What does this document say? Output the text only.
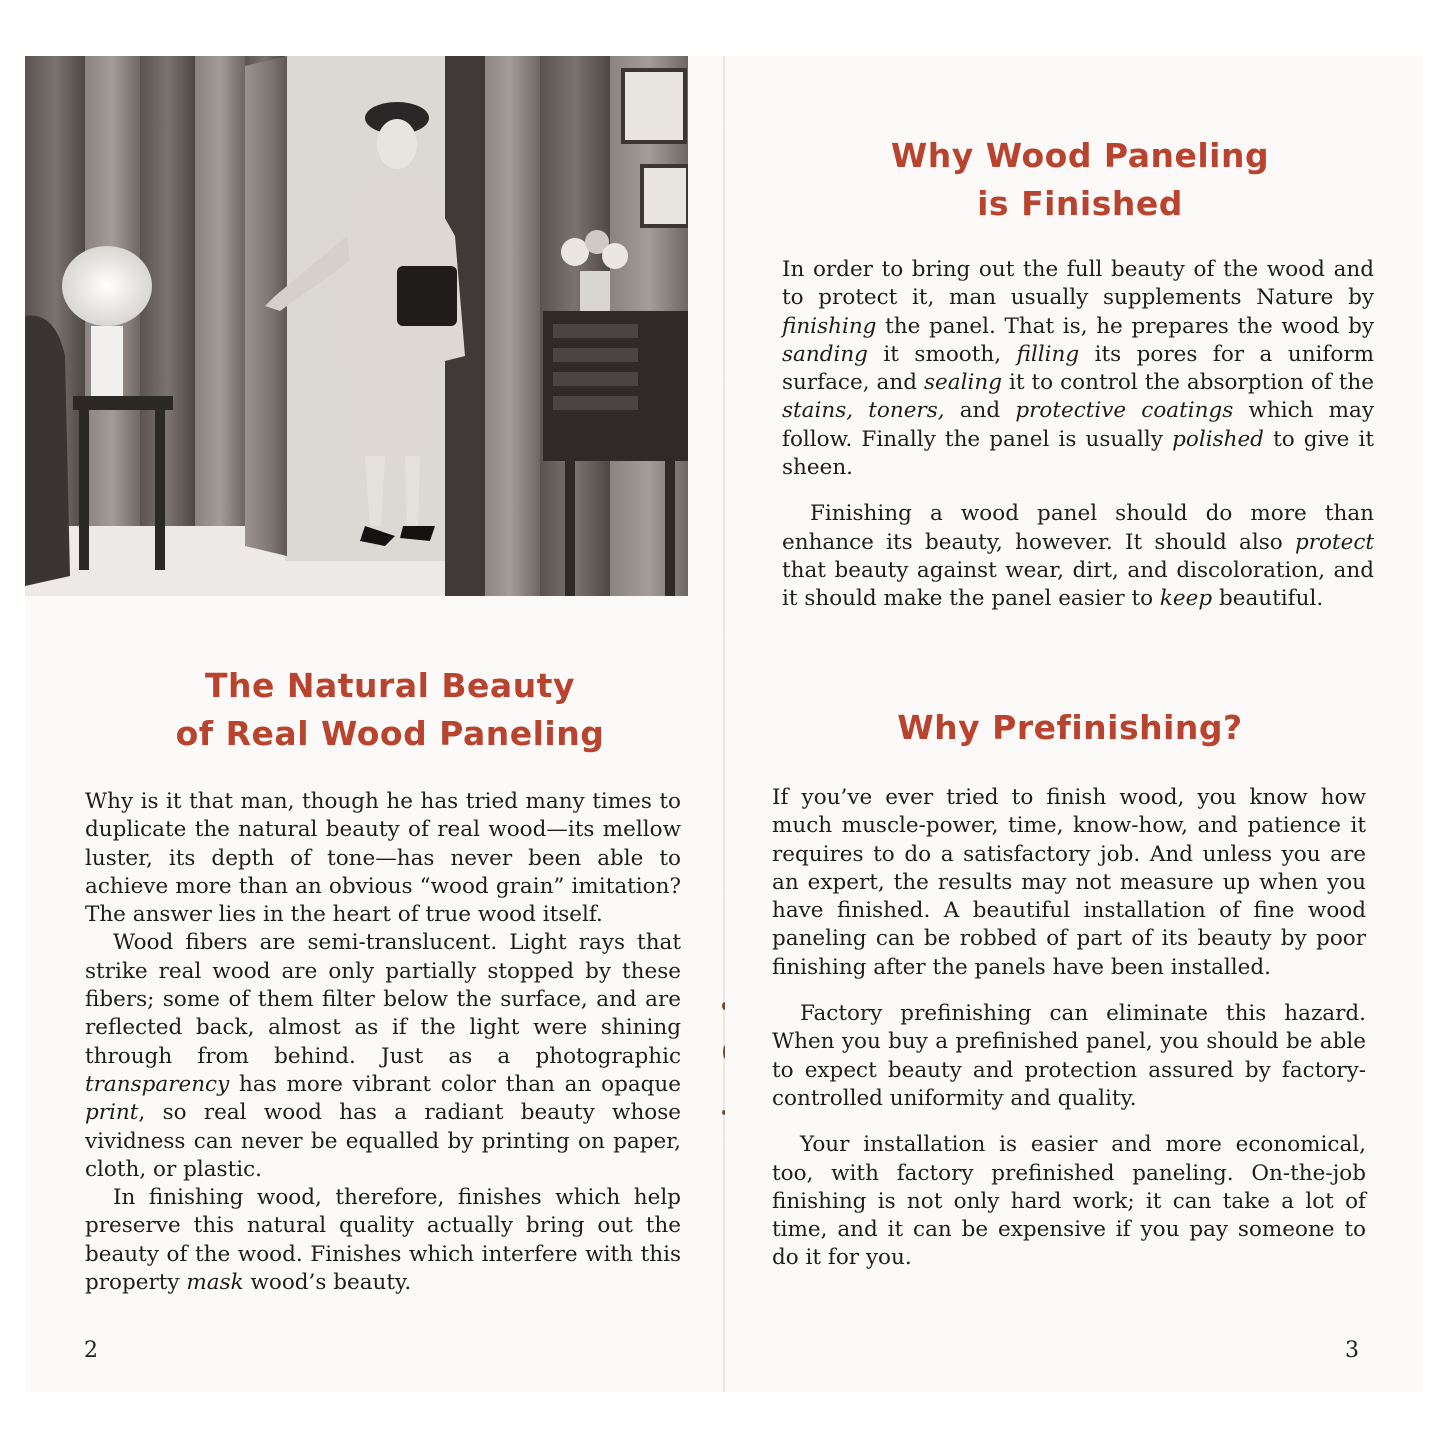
The Natural Beauty
of Real Wood Paneling

Why is it that man, though he has tried many times to duplicate the natural beauty of real wood—its mellow luster, its depth of tone—has never been able to achieve more than an obvious “wood grain” imitation? The answer lies in the heart of true wood itself.

Wood fibers are semi-translucent. Light rays that strike real wood are only partially stopped by these fibers; some of them filter below the surface, and are reflected back, almost as if the light were shining through from behind. Just as a photographic transparency has more vibrant color than an opaque print, so real wood has a radiant beauty whose vividness can never be equalled by printing on paper, cloth, or plastic.

In finishing wood, therefore, finishes which help preserve this natural quality actually bring out the beauty of the wood. Finishes which interfere with this property mask wood’s beauty.

2
Why Wood Paneling
is Finished

In order to bring out the full beauty of the wood and to protect it, man usually supplements Nature by finishing the panel. That is, he prepares the wood by sanding it smooth, filling its pores for a uniform surface, and sealing it to control the absorption of the stains, toners, and protective coatings which may follow. Finally the panel is usually polished to give it sheen.

Finishing a wood panel should do more than enhance its beauty, however. It should also protect that beauty against wear, dirt, and discoloration, and it should make the panel easier to keep beautiful.

Why Prefinishing?

If you’ve ever tried to finish wood, you know how much muscle-power, time, know-how, and patience it requires to do a satisfactory job. And unless you are an expert, the results may not measure up when you have finished. A beautiful installation of fine wood paneling can be robbed of part of its beauty by poor finishing after the panels have been installed.

Factory prefinishing can eliminate this hazard. When you buy a prefinished panel, you should be able to expect beauty and protection assured by factory-controlled uniformity and quality.

Your installation is easier and more economical, too, with factory prefinished paneling. On-the-job finishing is not only hard work; it can take a lot of time, and it can be expensive if you pay someone to do it for you.

3
